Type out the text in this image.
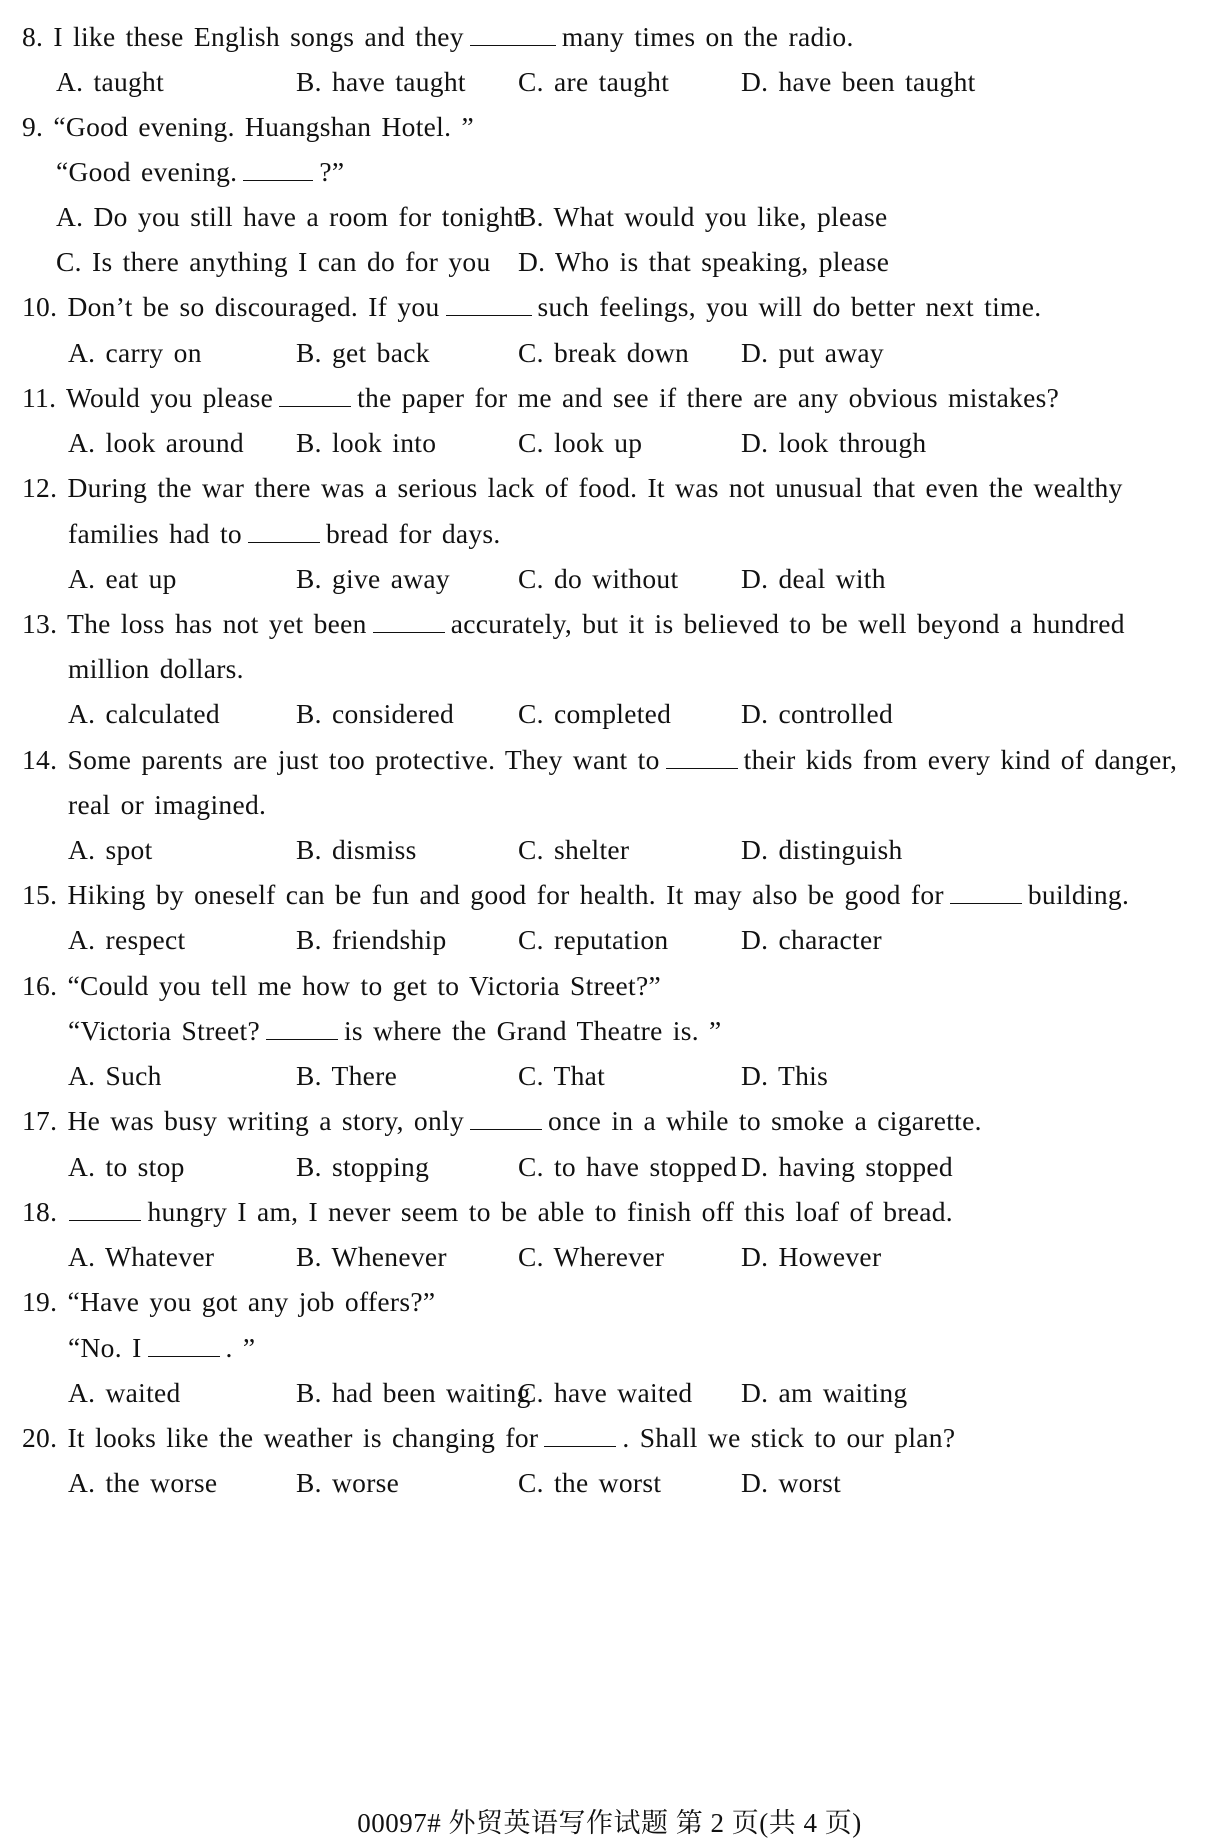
8. I like these English songs and they	many times on the radio.
A. taught	B. have taught C. are taught	D. have been taught
9. “Good evening. Huangshan Hotel. ”
“Good evening.	?”
A. Do you still have a room for tonight
B. What would you like, please
C. Is there anything I can do for you D. Who is that speaking, please
10. Don’t be so discouraged. If you	such feelings, you will do better next time.
A. carry on	B. get back	C. break down D. put away
11. Would you please	the paper for me and see if there are any obvious mistakes?
A. look around B. look into	C. look up	D. look through
12. During the war there was a serious lack of food. It was not unusual that even the wealthy
families had to	bread for days.
A. eat up	B. give away C. do without D. deal with
13. The loss has not yet been	accurately, but it is believed to be well beyond a hundred
million dollars.
A. calculated	B. considered C. completed	D. controlled
14. Some parents are just too protective. They want to	their kids from every kind of danger,
real or imagined.
A. spot	B. dismiss	C. shelter	D. distinguish
15. Hiking by oneself can be fun and good for health. It may also be good for	building.
A. respect	B. friendship	C. reputation	D. character
16. “Could you tell me how to get to Victoria Street?”
“Victoria Street?	is where the Grand Theatre is. ”
A. Such	B. There	C. That	D. This
17. He was busy writing a story, only	once in a while to smoke a cigarette.
A. to stop	B. stopping	C. to have stopped D. having stopped
18.	hungry I am, I never seem to be able to finish off this loaf of bread.
A. Whatever	B. Whenever	C. Wherever	D. However
19. “Have you got any job offers?”
“No. I	. ”
A. waited	B. had been waiting
C. have waited D. am waiting
20. It looks like the weather is changing for	. Shall we stick to our plan?
A. the worse	B. worse	C. the worst	D. worst
00097# 外贸英语写作试题 第 2 页(共 4 页)
